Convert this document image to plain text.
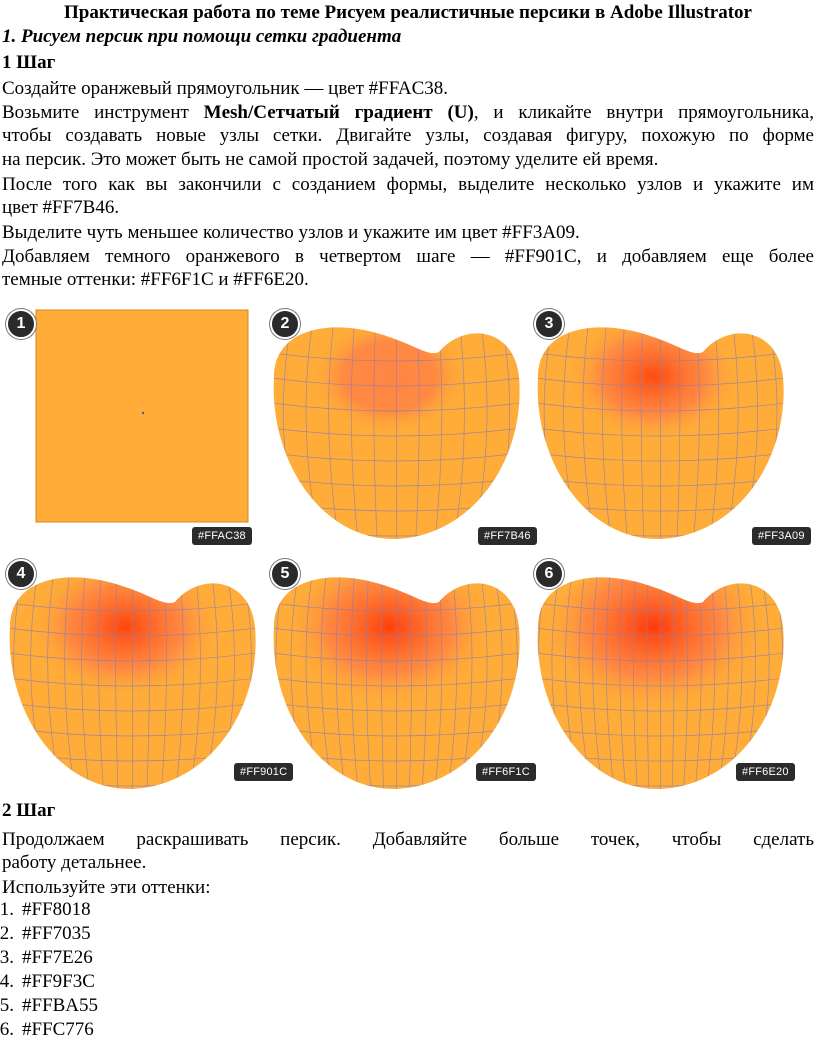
Практическая работа по теме Рисуем реалистичные персики в Adobe Illustrator
1. Рисуем персик при помощи сетки градиента
1 Шаг
Создайте оранжевый прямоугольник — цвет #FFAC38.
Возьмите инструмент Mesh/Сетчатый градиент (U), и кликайте внутри прямоугольника,
чтобы создавать новые узлы сетки. Двигайте узлы, создавая фигуру, похожую по форме
на персик. Это может быть не самой простой задачей, поэтому уделите ей время.
После того как вы закончили с созданием формы, выделите несколько узлов и укажите им
цвет #FF7B46.
Выделите чуть меньшее количество узлов и укажите им цвет #FF3A09.
Добавляем темного оранжевого в четвертом шаге — #FF901C, и добавляем еще более
темные оттенки: #FF6F1C и #FF6E20.
1
#FFAC38
2
#FF7B46
3
#FF3A09
4
#FF901C
5
#FF6F1C
6
#FF6E20
2 Шаг
Продолжаем раскрашивать персик. Добавляйте больше точек, чтобы сделать
работу детальнее.
Используйте эти оттенки:
1. #FF8018
2. #FF7035
3. #FF7E26
4. #FF9F3C
5. #FFBA55
6. #FFC776
